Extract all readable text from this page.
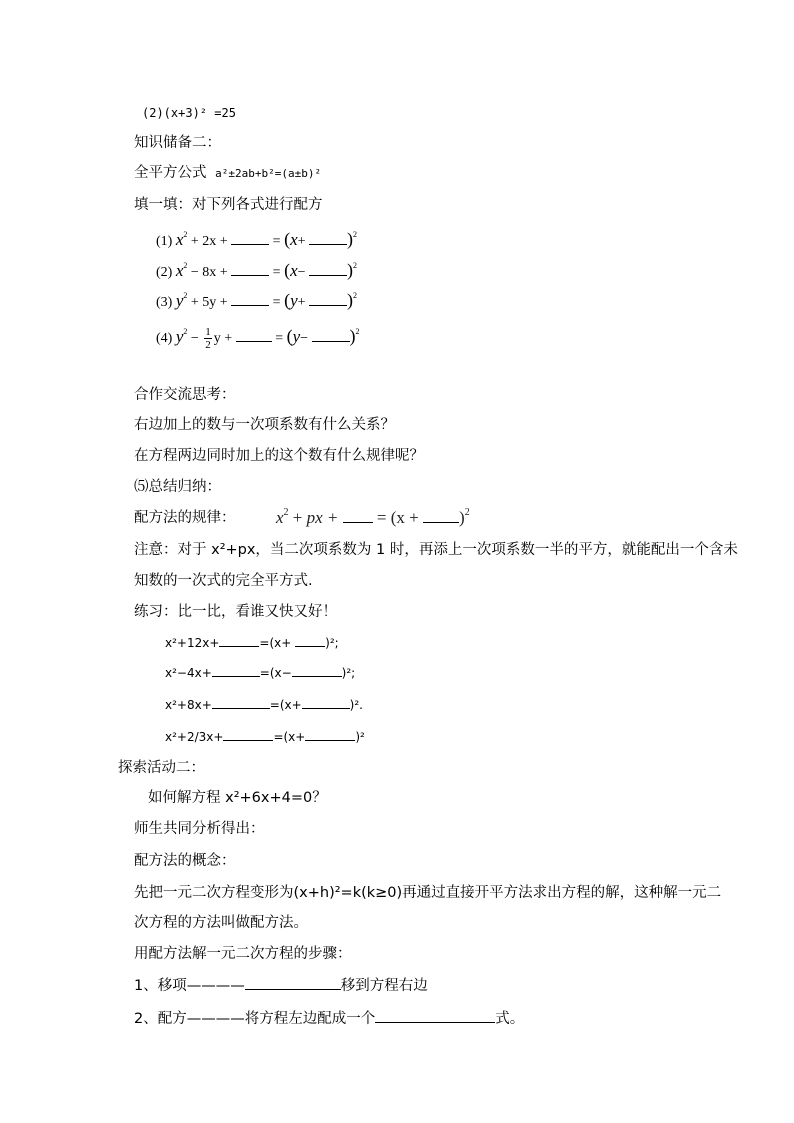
(2)(x+3)² =25
知识储备二：
全平方公式 a²±2ab+b²=(a±b)²
填一填：对下列各式进行配方
(1) $x^2 + 2x$ +	= $(x+ )^2$
(2) $x^2 - 8x$ +	= $(x- )^2$
(3) $y^2 + 5y$ +	= $(y+ )^2$
(4) $y^2 - \frac{1}{2}$ y +	= $(y- )^2$
合作交流思考：
右边加上的数与一次项系数有什么关系？
在方程两边同时加上的这个数有什么规律呢？
⑸总结归纳：
配方法的规律： $x^2$ + px +  = $(x + )^2$
注意：对于 x²+px，当二次项系数为 1 时，再添上一次项系数一半的平方，就能配出一个含未
知数的一次式的完全平方式.
练习：比一比，看谁又快又好！
x²+12x+	=(x+	)²;
x²−4x+	=(x−	)²;
x²+8x+	=(x+	)².
x²+2/3x+	=(x+	)²
探索活动二：
如何解方程 x²+6x+4=0？
师生共同分析得出：
配方法的概念：
先把一元二次方程变形为(x+h)²=k(k≥0)再通过直接开平方法求出方程的解，这种解一元二
次方程的方法叫做配方法。
用配方法解一元二次方程的步骤：
1、移项————	移到方程右边
2、配方————将方程左边配成一个	式。
